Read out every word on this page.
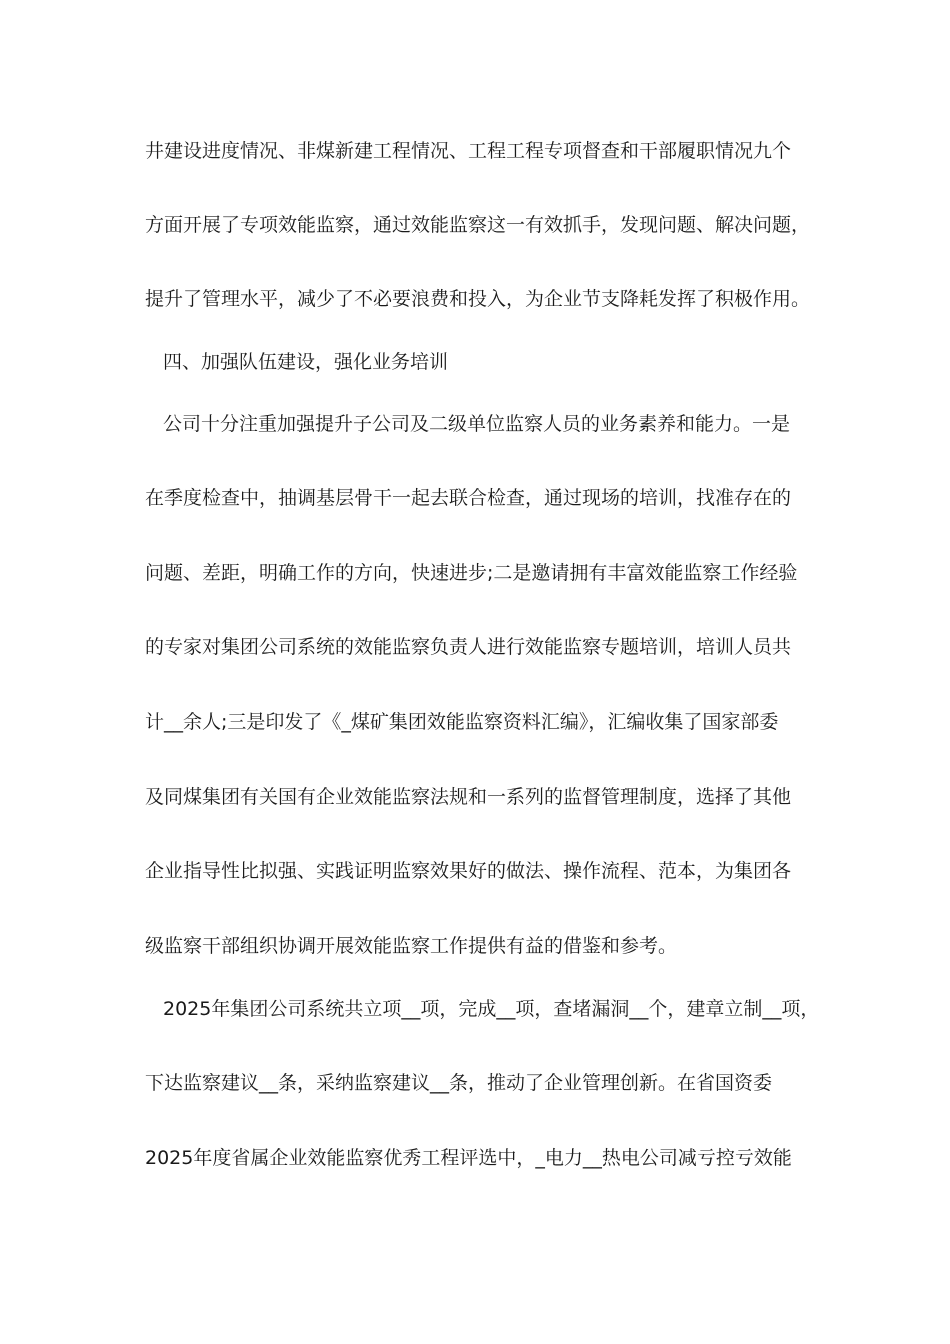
井建设进度情况、非煤新建工程情况、工程工程专项督查和干部履职情况九个
方面开展了专项效能监察，通过效能监察这一有效抓手，发现问题、解决问题，
提升了管理水平，减少了不必要浪费和投入，为企业节支降耗发挥了积极作用。
四、加强队伍建设，强化业务培训
公司十分注重加强提升子公司及二级单位监察人员的业务素养和能力。一是
在季度检查中，抽调基层骨干一起去联合检查，通过现场的培训，找准存在的
问题、差距，明确工作的方向，快速进步;二是邀请拥有丰富效能监察工作经验
的专家对集团公司系统的效能监察负责人进行效能监察专题培训，培训人员共
计__余人;三是印发了《_煤矿集团效能监察资料汇编》，汇编收集了国家部委
及同煤集团有关国有企业效能监察法规和一系列的监督管理制度，选择了其他
企业指导性比拟强、实践证明监察效果好的做法、操作流程、范本，为集团各
级监察干部组织协调开展效能监察工作提供有益的借鉴和参考。
2025年集团公司系统共立项__项，完成__项，查堵漏洞__个，建章立制__项，
下达监察建议__条，采纳监察建议__条，推动了企业管理创新。在省国资委
2025年度省属企业效能监察优秀工程评选中，_电力__热电公司减亏控亏效能
